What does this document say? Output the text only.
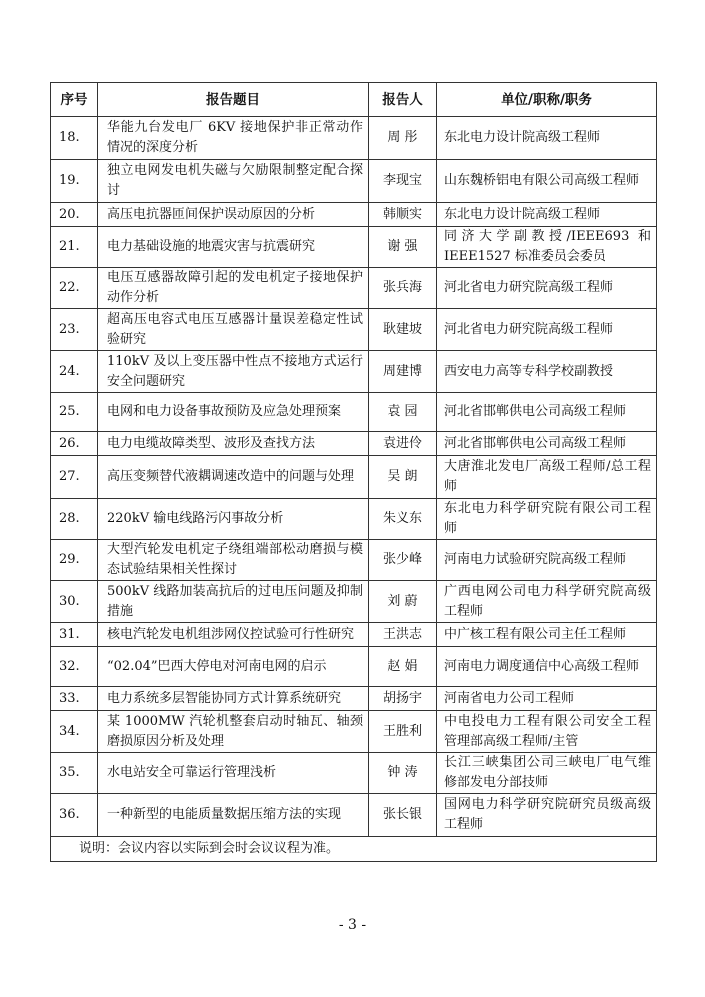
序号	报告题目	报告人	单位/职称/职务
18.	华能九台发电厂 6KV 接地保护非正常动作情况的深度分析	周 彤	东北电力设计院高级工程师
19.	独立电网发电机失磁与欠励限制整定配合探讨	李现宝	山东魏桥铝电有限公司高级工程师
20.	高压电抗器匝间保护误动原因的分析	韩顺实	东北电力设计院高级工程师
21.	电力基础设施的地震灾害与抗震研究	谢 强	同济大学副教授/IEEE693 和IEEE1527 标准委员会委员
22.	电压互感器故障引起的发电机定子接地保护动作分析	张兵海	河北省电力研究院高级工程师
23.	超高压电容式电压互感器计量误差稳定性试验研究	耿建坡	河北省电力研究院高级工程师
24.	110kV 及以上变压器中性点不接地方式运行安全问题研究	周建博	西安电力高等专科学校副教授
25.	电网和电力设备事故预防及应急处理预案	袁 园	河北省邯郸供电公司高级工程师
26.	电力电缆故障类型、波形及查找方法	袁进伶	河北省邯郸供电公司高级工程师
27.	高压变频替代液耦调速改造中的问题与处理	吴 朗	大唐淮北发电厂高级工程师/总工程师
28.	220kV 输电线路污闪事故分析	朱义东	东北电力科学研究院有限公司工程师
29.	大型汽轮发电机定子绕组端部松动磨损与模态试验结果相关性探讨	张少峰	河南电力试验研究院高级工程师
30.	500kV 线路加装高抗后的过电压问题及抑制措施	刘 蔚	广西电网公司电力科学研究院高级工程师
31.	核电汽轮发电机组涉网仪控试验可行性研究	王洪志	中广核工程有限公司主任工程师
32.	“02.04”巴西大停电对河南电网的启示	赵 娟	河南电力调度通信中心高级工程师
33.	电力系统多层智能协同方式计算系统研究	胡扬宇	河南省电力公司工程师
34.	某 1000MW 汽轮机整套启动时轴瓦、轴颈磨损原因分析及处理	王胜利	中电投电力工程有限公司安全工程管理部高级工程师/主管
35.	水电站安全可靠运行管理浅析	钟 涛	长江三峡集团公司三峡电厂电气维修部发电分部技师
36.	一种新型的电能质量数据压缩方法的实现	张长银	国网电力科学研究院研究员级高级工程师
说明：会议内容以实际到会时会议议程为准。			
- 3 -
